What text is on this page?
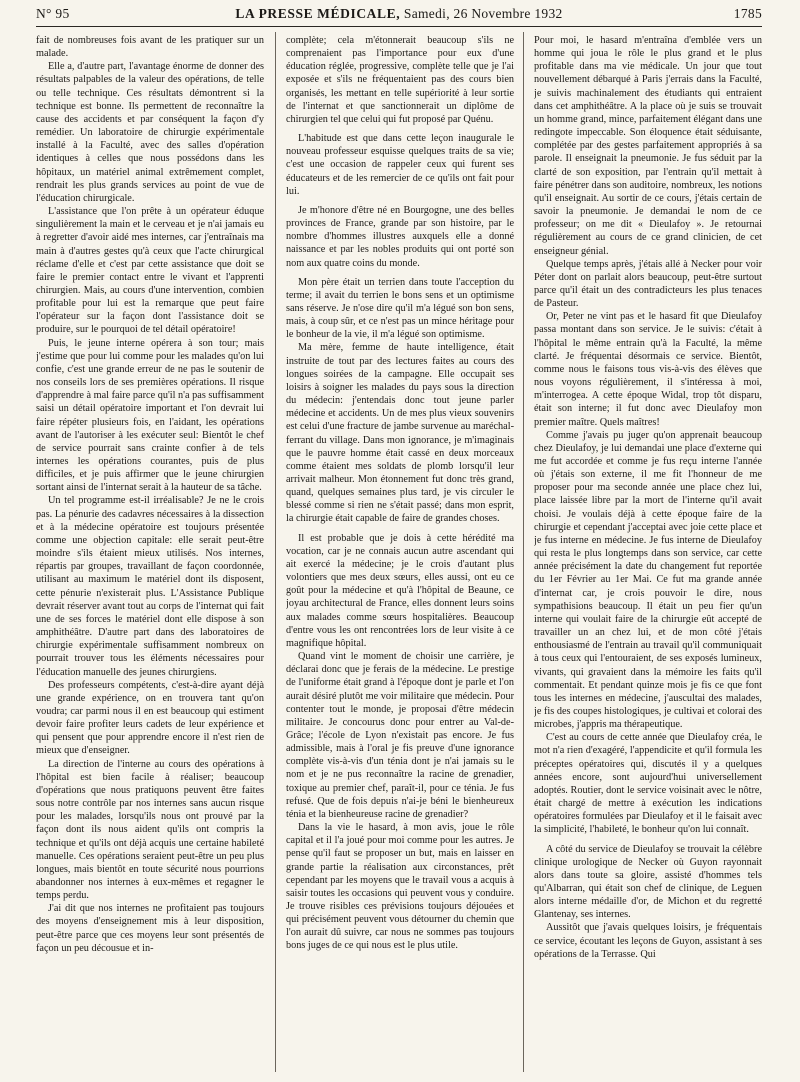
N° 95	LA PRESSE MÉDICALE, Samedi, 26 Novembre 1932	1785

fait de nombreuses fois avant de les pratiquer sur un malade.

Elle a, d'autre part, l'avantage énorme de donner des résultats palpables de la valeur des opérations, de telle ou telle technique. Ces résultats démontrent si la technique est bonne. Ils permettent de reconnaître la cause des accidents et par conséquent la façon d'y remédier. Un laboratoire de chirurgie expérimentale installé à la Faculté, avec des salles d'opération identiques à celles que nous possédons dans les hôpitaux, un matériel animal extrêmement complet, rendrait les plus grands services au point de vue de l'éducation chirurgicale.

L'assistance que l'on prête à un opérateur éduque singulièrement la main et le cerveau et je n'ai jamais eu à regretter d'avoir aidé mes internes, car j'entraînais ma main à d'autres gestes qu'à ceux que l'acte chirurgical réclame d'elle et c'est par cette assistance que doit se faire le premier contact entre le vivant et l'apprenti chirurgien. Mais, au cours d'une intervention, combien profitable pour lui est la remarque que peut faire l'opérateur sur la façon dont l'assistance doit se produire, sur le pourquoi de tel détail opératoire!

Puis, le jeune interne opérera à son tour; mais j'estime que pour lui comme pour les malades qu'on lui confie, c'est une grande erreur de ne pas le soutenir de nos conseils lors de ses premières opérations. Il risque d'apprendre à mal faire parce qu'il n'a pas suffisamment saisi un détail opératoire important et l'on devrait lui faire répéter plusieurs fois, en l'aidant, les opérations avant de l'autoriser à les exécuter seul: Bientôt le chef de service pourrait sans crainte confier à de tels internes les opérations courantes, puis de plus difficiles, et je puis affirmer que le jeune chirurgien sortant ainsi de l'internat serait à la hauteur de sa tâche.

Un tel programme est-il irréalisable? Je ne le crois pas. La pénurie des cadavres nécessaires à la dissection et à la médecine opératoire est toujours présentée comme une objection capitale: elle serait peut-être moindre s'ils étaient mieux utilisés. Nos internes, répartis par groupes, travaillant de façon coordonnée, utilisant au maximum le matériel dont ils disposent, cette pénurie n'existerait plus. L'Assistance Publique devrait réserver avant tout au corps de l'internat qui fait une de ses forces le matériel dont elle dispose à son amphithéâtre. D'autre part dans des laboratoires de chirurgie expérimentale suffisamment nombreux on pourrait trouver tous les éléments nécessaires pour l'éducation manuelle des jeunes chirurgiens.

Des professeurs compétents, c'est-à-dire ayant déjà une grande expérience, on en trouvera tant qu'on voudra; car parmi nous il en est beaucoup qui estiment devoir faire profiter leurs cadets de leur expérience et qui pensent que pour apprendre encore il n'est rien de mieux que d'enseigner.

La direction de l'interne au cours des opérations à l'hôpital est bien facile à réaliser; beaucoup d'opérations que nous pratiquons peuvent être faites sous notre contrôle par nos internes sans aucun risque pour les malades, lorsqu'ils nous ont prouvé par la façon dont ils nous aident qu'ils ont compris la technique et qu'ils ont déjà acquis une certaine habileté manuelle. Ces opérations seraient peut-être un peu plus longues, mais bientôt en toute sécurité nous pourrions abandonner nos internes à eux-mêmes et regagner le temps perdu.

J'ai dit que nos internes ne profitaient pas toujours des moyens d'enseignement mis à leur disposition, peut-être parce que ces moyens leur sont présentés de façon un peu décousue et in-

complète; cela m'étonnerait beaucoup s'ils ne comprenaient pas l'importance pour eux d'une éducation réglée, progressive, complète telle que je l'ai exposée et s'ils ne fréquentaient pas des cours bien organisés, les mettant en telle supériorité à leur sortie de l'internat et que sanctionnerait un diplôme de chirurgien tel que celui qui fut proposé par Quénu.

L'habitude est que dans cette leçon inaugurale le nouveau professeur esquisse quelques traits de sa vie; c'est une occasion de rappeler ceux qui furent ses éducateurs et de les remercier de ce qu'ils ont fait pour lui.

Je m'honore d'être né en Bourgogne, une des belles provinces de France, grande par son histoire, par le nombre d'hommes illustres auxquels elle a donné naissance et par les nobles produits qui ont porté son nom aux quatre coins du monde.

Mon père était un terrien dans toute l'acception du terme; il avait du terrien le bons sens et un optimisme sans réserve. Je n'ose dire qu'il m'a légué son bon sens, mais, à coup sûr, et ce n'est pas un mince héritage pour le bonheur de la vie, il m'a légué son optimisme.

Ma mère, femme de haute intelligence, était instruite de tout par des lectures faites au cours des longues soirées de la campagne. Elle occupait ses loisirs à soigner les malades du pays sous la direction du médecin: j'entendais donc tout jeune parler médecine et accidents. Un de mes plus vieux souvenirs est celui d'une fracture de jambe survenue au maréchal-ferrant du village. Dans mon ignorance, je m'imaginais que le pauvre homme était cassé en deux morceaux comme étaient mes soldats de plomb lorsqu'il leur arrivait malheur. Mon étonnement fut donc très grand, quand, quelques semaines plus tard, je vis circuler le blessé comme si rien ne s'était passé; dans mon esprit, la chirurgie était capable de faire de grandes choses.

Il est probable que je dois à cette hérédité ma vocation, car je ne connais aucun autre ascendant qui ait exercé la médecine; je le crois d'autant plus volontiers que mes deux sœurs, elles aussi, ont eu ce goût pour la médecine et qu'à l'hôpital de Beaune, ce joyau architectural de France, elles donnent leurs soins aux malades comme sœurs hospitalières. Beaucoup d'entre vous les ont rencontrées lors de leur visite à ce magnifique hôpital.

Quand vint le moment de choisir une carrière, je déclarai donc que je ferais de la médecine. Le prestige de l'uniforme était grand à l'époque dont je parle et l'on aurait désiré plutôt me voir militaire que médecin. Pour contenter tout le monde, je proposai d'être médecin militaire. Je concourus donc pour entrer au Val-de-Grâce; l'école de Lyon n'existait pas encore. Je fus admissible, mais à l'oral je fis preuve d'une ignorance complète vis-à-vis d'un ténia dont je n'ai jamais su le nom et je ne pus reconnaître la racine de grenadier, toxique au premier chef, paraît-il, pour ce ténia. Je fus refusé. Que de fois depuis n'ai-je béni le bienheureux ténia et la bienheureuse racine de grenadier?

Dans la vie le hasard, à mon avis, joue le rôle capital et il l'a joué pour moi comme pour les autres. Je pense qu'il faut se proposer un but, mais en laisser en grande partie la réalisation aux circonstances, prêt cependant par les moyens que le travail vous a acquis à saisir toutes les occasions qui peuvent vous y conduire. Je trouve risibles ces prévisions toujours déjouées et qui précisément peuvent vous détourner du chemin que l'on aurait dû suivre, car nous ne sommes pas toujours bons juges de ce qui nous est le plus utile.

Pour moi, le hasard m'entraîna d'emblée vers un homme qui joua le rôle le plus grand et le plus profitable dans ma vie médicale. Un jour que tout nouvellement débarqué à Paris j'errais dans la Faculté, je suivis machinalement des étudiants qui entraient dans cet amphithéâtre. A la place où je suis se trouvait un homme grand, mince, parfaitement élégant dans une redingote impeccable. Son éloquence était séduisante, complétée par des gestes parfaitement appropriés à sa parole. Il enseignait la pneumonie. Je fus séduit par la clarté de son exposition, par l'entrain qu'il mettait à faire pénétrer dans son auditoire, nombreux, les notions qu'il enseignait. Au sortir de ce cours, j'étais certain de savoir la pneumonie. Je demandai le nom de ce professeur; on me dit « Dieulafoy ». Je retournai régulièrement au cours de ce grand clinicien, de cet enseigneur génial.

Quelque temps après, j'étais allé à Necker pour voir Péter dont on parlait alors beaucoup, peut-être surtout parce qu'il était un des contradicteurs les plus tenaces de Pasteur.

Or, Peter ne vint pas et le hasard fit que Dieulafoy passa montant dans son service. Je le suivis: c'était à l'hôpital le même entrain qu'à la Faculté, la même clarté. Je fréquentai désormais ce service. Bientôt, comme nous le faisons tous vis-à-vis des élèves que nous voyons régulièrement, il s'intéressa à moi, m'interrogea. A cette époque Widal, trop tôt disparu, était son interne; il fut donc avec Dieulafoy mon premier maître. Quels maîtres!

Comme j'avais pu juger qu'on apprenait beaucoup chez Dieulafoy, je lui demandai une place d'externe qui me fut accordée et comme je fus reçu interne l'année où j'étais son externe, il me fit l'honneur de me proposer pour ma seconde année une place chez lui, place laissée libre par la mort de l'interne qu'il avait choisi. Je voulais déjà à cette époque faire de la chirurgie et cependant j'acceptai avec joie cette place et je fus interne en médecine. Je fus interne de Dieulafoy qui resta le plus longtemps dans son service, car cette année précisément la date du changement fut reportée du 1er Février au 1er Mai. Ce fut ma grande année d'internat car, je crois pouvoir le dire, nous sympathisions beaucoup. Il était un peu fier qu'un interne qui voulait faire de la chirurgie eût accepté de travailler un an chez lui, et de mon côté j'étais enthousiasmé de l'entrain au travail qu'il communiquait à tous ceux qui l'entouraient, de ses exposés lumineux, vivants, qui gravaient dans la mémoire les faits qu'il commentait. Et pendant quinze mois je fis ce que font tous les internes en médecine, j'auscultai des malades, je fis des coupes histologiques, je cultivai et colorai des microbes, j'appris ma thérapeutique.

C'est au cours de cette année que Dieulafoy créa, le mot n'a rien d'exagéré, l'appendicite et qu'il formula les préceptes opératoires qui, discutés il y a quelques années encore, sont aujourd'hui universellement adoptés. Routier, dont le service voisinait avec le nôtre, était chargé de mettre à exécution les indications opératoires formulées par Dieulafoy et il le faisait avec la simplicité, l'habileté, le bonheur qu'on lui connaît.

A côté du service de Dieulafoy se trouvait la célèbre clinique urologique de Necker où Guyon rayonnait alors dans toute sa gloire, assisté d'hommes tels qu'Albarran, qui était son chef de clinique, de Leguen alors interne médaille d'or, de Michon et du regretté Glantenay, ses internes.

Aussitôt que j'avais quelques loisirs, je fréquentais ce service, écoutant les leçons de Guyon, assistant à ses opérations de la Terrasse. Qui
